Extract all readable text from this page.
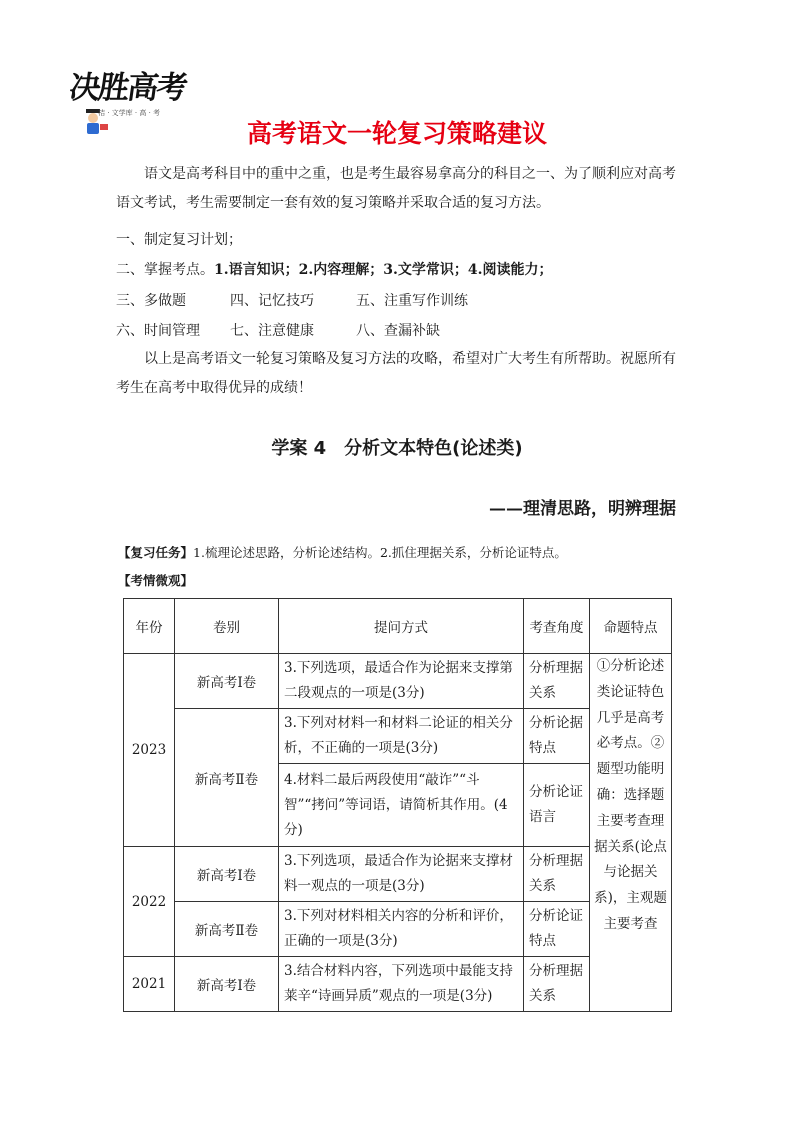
决胜高考
桔 · 文学库 · 高 · 考
高考语文一轮复习策略建议
语文是高考科目中的重中之重，也是考生最容易拿高分的科目之一、为了顺利应对高考语文考试，考生需要制定一套有效的复习策略并采取合适的复习方法。
一、制定复习计划；
二、掌握考点。1.语言知识；2.内容理解；3.文学常识；4.阅读能力；
三、多做题	四、记忆技巧	五、注重写作训练
六、时间管理 七、注意健康	八、查漏补缺
以上是高考语文一轮复习策略及复习方法的攻略，希望对广大考生有所帮助。祝愿所有考生在高考中取得优异的成绩！
学案 4　分析文本特色(论述类)
——理清思路，明辨理据
【复习任务】1.梳理论述思路，分析论述结构。2.抓住理据关系，分析论证特点。
【考情微观】
年份	卷别	提问方式	考查角度	命题特点
2023	新高考Ⅰ卷	3.下列选项，最适合作为论据来支撑第二段观点的一项是(3分)	分析理据关系	①分析论述类论证特色几乎是高考必考点。②题型功能明确：选择题主要考查理据关系(论点与论据关系)，主观题主要考查
	新高考Ⅱ卷	3.下列对材料一和材料二论证的相关分析，不正确的一项是(3分)	分析论据特点	
		4.材料二最后两段使用“敲诈”“斗智”“拷问”等词语，请简析其作用。(4分)	分析论证语言	
2022	新高考Ⅰ卷	3.下列选项，最适合作为论据来支撑材料一观点的一项是(3分)	分析理据关系	
	新高考Ⅱ卷	3.下列对材料相关内容的分析和评价，正确的一项是(3分)	分析论证特点	
2021	新高考Ⅰ卷	3.结合材料内容，下列选项中最能支持莱辛“诗画异质”观点的一项是(3分)	分析理据关系	
